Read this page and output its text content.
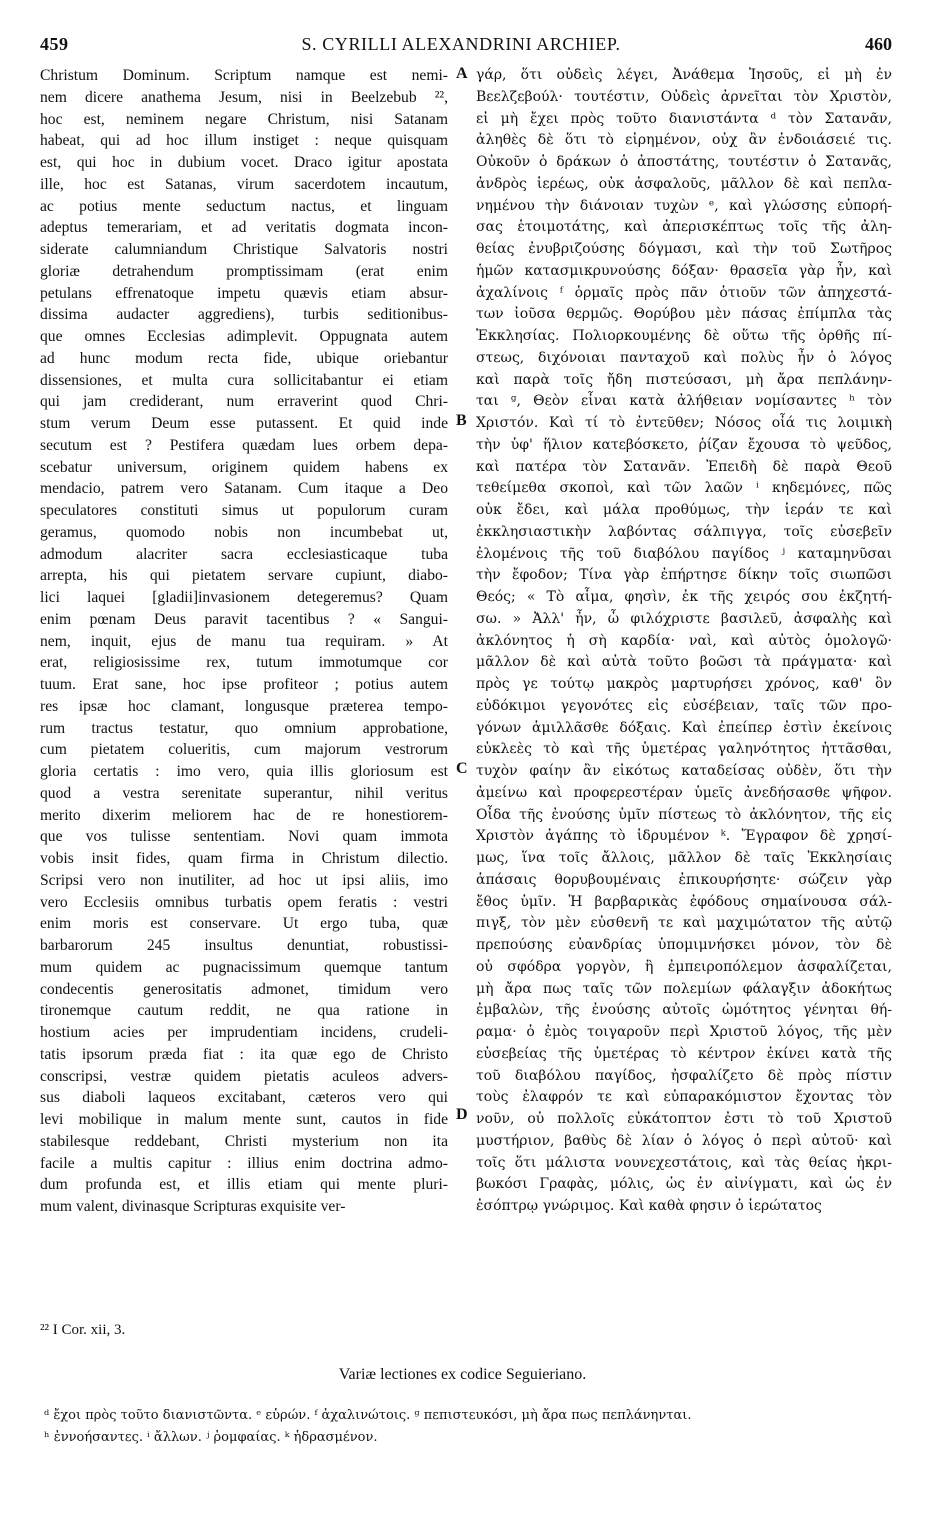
459	S. CYRILLI ALEXANDRINI ARCHIEP.	460
Christum Dominum. Scriptum namque est nemi-
nem dicere anathema Jesum, nisi in Beelzebub ²²,
hoc est, neminem negare Christum, nisi Satanam
habeat, qui ad hoc illum instiget : neque quisquam
est, qui hoc in dubium vocet. Draco igitur apostata
ille, hoc est Satanas, virum sacerdotem incautum,
ac potius mente seductum nactus, et linguam
adeptus temerariam, et ad veritatis dogmata incon-
siderate calumniandum Christique Salvatoris nostri
gloriæ detrahendum promptissimam (erat enim
petulans effrenatoque impetu quævis etiam absur-
dissima audacter aggrediens), turbis seditionibus-
que omnes Ecclesias adimplevit. Oppugnata autem
ad hunc modum recta fide, ubique oriebantur
dissensiones, et multa cura sollicitabantur ei etiam
qui jam crediderant, num erraverint quod Chri-
stum verum Deum esse putassent. Et quid inde
secutum est ? Pestifera quædam lues orbem depa-
scebatur universum, originem quidem habens ex
mendacio, patrem vero Satanam. Cum itaque a Deo
speculatores constituti simus ut populorum curam
geramus, quomodo nobis non incumbebat ut,
admodum alacriter sacra ecclesiasticaque tuba
arrepta, his qui pietatem servare cupiunt, diabo-
lici laquei [gladii]invasionem detegeremus? Quam
enim pœnam Deus paravit tacentibus ? « Sangui-
nem, inquit, ejus de manu tua requiram. » At
erat, religiosissime rex, tutum immotumque cor
tuum. Erat sane, hoc ipse profiteor ; potius autem
res ipsæ hoc clamant, longusque præterea tempo-
rum tractus testatur, quo omnium approbatione,
cum pietatem colueritis, cum majorum vestrorum
gloria certatis : imo vero, quia illis gloriosum est
quod a vestra serenitate superantur, nihil veritus
merito dixerim meliorem hac de re honestiorem-
que vos tulisse sententiam. Novi quam immota
vobis insit fides, quam firma in Christum dilectio.
Scripsi vero non inutiliter, ad hoc ut ipsi aliis, imo
vero Ecclesiis omnibus turbatis opem feratis : vestri
enim moris est conservare. Ut ergo tuba, quæ
barbarorum 245 insultus denuntiat, robustissi-
mum quidem ac pugnacissimum quemque tantum
condecentis generositatis admonet, timidum vero
tironemque cautum reddit, ne qua ratione in
hostium acies per imprudentiam incidens, crudeli-
tatis ipsorum præda fiat : ita quæ ego de Christo
conscripsi, vestræ quidem pietatis aculeos advers-
sus diaboli laqueos excitabant, cæteros vero qui
levi mobilique in malum mente sunt, cautos in fide
stabilesque reddebant, Christi mysterium non ita
facile a multis capitur : illius enim doctrina admo-
dum profunda est, et illis etiam qui mente pluri-
mum valent, divinasque Scripturas exquisite ver-
γάρ, ὅτι οὐδεὶς λέγει, Ἀνάθεμα Ἰησοῦς, εἰ μὴ ἐν
Βεελζεβούλ· τουτέστιν, Οὐδεὶς ἀρνεῖται τὸν Χριστὸν,
εἰ μὴ ἔχει πρὸς τοῦτο διανιστάντα ᵈ τὸν Σατανᾶν,
ἀληθὲς δὲ ὅτι τὸ εἰρημένον, οὐχ ἂν ἐνδοιάσειέ τις.
Οὐκοῦν ὁ δράκων ὁ ἀποστάτης, τουτέστιν ὁ Σατανᾶς,
ἀνδρὸς ἱερέως, οὐκ ἀσφαλοῦς, μᾶλλον δὲ καὶ πεπλα-
νημένου τὴν διάνοιαν τυχὼν ᵉ, καὶ γλώσσης εὐπορή-
σας ἑτοιμοτάτης, καὶ ἀπερισκέπτως τοῖς τῆς ἀλη-
θείας ἐνυβριζούσης δόγμασι, καὶ τὴν τοῦ Σωτῆρος
ἡμῶν κατασμικρυνούσης δόξαν· θρασεῖα γὰρ ἦν, καὶ
ἀχαλίνοις ᶠ ὁρμαῖς πρὸς πᾶν ὁτιοῦν τῶν ἀπηχεστά-
των ἰοῦσα θερμῶς. Θορύβου μὲν πάσας ἐπίμπλα τὰς
Ἐκκλησίας. Πολιορκουμένης δὲ οὕτω τῆς ὀρθῆς πί-
στεως, διχόνοιαι πανταχοῦ καὶ πολὺς ἦν ὁ λόγος
καὶ παρὰ τοῖς ἤδη πιστεύσασι, μὴ ἄρα πεπλάνην-
ται ᵍ, Θεὸν εἶναι κατὰ ἀλήθειαν νομίσαντες ʰ τὸν
Χριστόν. Καὶ τί τὸ ἐντεῦθεν; Νόσος οἶά τις λοιμικὴ
τὴν ὑφ' ἥλιον κατεβόσκετο, ῥίζαν ἔχουσα τὸ ψεῦδος,
καὶ πατέρα τὸν Σατανᾶν. Ἐπειδὴ δὲ παρὰ Θεοῦ
τεθείμεθα σκοποὶ, καὶ τῶν λαῶν ⁱ κηδεμόνες, πῶς
οὐκ ἔδει, καὶ μάλα προθύμως, τὴν ἱεράν τε καὶ
ἐκκλησιαστικὴν λαβόντας σάλπιγγα, τοῖς εὐσεβεῖν
ἐλομένοις τῆς τοῦ διαβόλου παγίδος ʲ καταμηνῦσαι
τὴν ἔφοδον; Τίνα γὰρ ἐπήρτησε δίκην τοῖς σιωπῶσι
Θεός; « Τὸ αἷμα, φησὶν, ἐκ τῆς χειρός σου ἐκζητή-
σω. » Ἀλλ' ἦν, ὦ φιλόχριστε βασιλεῦ, ἀσφαλὴς καὶ
ἀκλόνητος ἡ σὴ καρδία· ναὶ, καὶ αὐτὸς ὁμολογῶ·
μᾶλλον δὲ καὶ αὐτὰ τοῦτο βοῶσι τὰ πράγματα· καὶ
πρὸς γε τούτῳ μακρὸς μαρτυρήσει χρόνος, καθ' ὃν
εὐδόκιμοι γεγονότες εἰς εὐσέβειαν, ταῖς τῶν προ-
γόνων ἁμιλλᾶσθε δόξαις. Καὶ ἐπείπερ ἐστὶν ἐκείνοις
εὐκλεὲς τὸ καὶ τῆς ὑμετέρας γαληνότητος ἡττᾶσθαι,
τυχὸν φαίην ἂν εἰκότως καταδείσας οὐδὲν, ὅτι τὴν
ἀμείνω καὶ προφερεστέραν ὑμεῖς ἀνεδήσασθε ψῆφον.
Οἶδα τῆς ἐνούσης ὑμῖν πίστεως τὸ ἀκλόνητον, τῆς εἰς
Χριστὸν ἀγάπης τὸ ἱδρυμένον ᵏ. Ἔγραφον δὲ χρησί-
μως, ἵνα τοῖς ἄλλοις, μᾶλλον δὲ ταῖς Ἐκκλησίαις
ἁπάσαις θορυβουμέναις ἐπικουρήσητε· σώζειν γὰρ
ἔθος ὑμῖν. Ἡ βαρβαρικὰς ἐφόδους σημαίνουσα σάλ-
πιγξ, τὸν μὲν εὐσθενῆ τε καὶ μαχιμώτατον τῆς αὐτῷ
πρεπούσης εὐανδρίας ὑπομιμνήσκει μόνον, τὸν δὲ
οὐ σφόδρα γοργὸν, ἢ ἐμπειροπόλεμον ἀσφαλίζεται,
μὴ ἄρα πως ταῖς τῶν πολεμίων φάλαγξιν ἀδοκήτως
ἐμβαλὼν, τῆς ἐνούσης αὐτοῖς ὠμότητος γένηται θή-
ραμα· ὁ ἐμὸς τοιγαροῦν περὶ Χριστοῦ λόγος, τῆς μὲν
εὐσεβείας τῆς ὑμετέρας τὸ κέντρον ἐκίνει κατὰ τῆς
τοῦ διαβόλου παγίδος, ἠσφαλίζετο δὲ πρὸς πίστιν
τοὺς ἐλαφρόν τε καὶ εὐπαρακόμιστον ἔχοντας τὸν
νοῦν, οὐ πολλοῖς εὐκάτοπτον ἐστι τὸ τοῦ Χριστοῦ
μυστήριον, βαθὺς δὲ λίαν ὁ λόγος ὁ περὶ αὐτοῦ· καὶ
τοῖς ὅτι μάλιστα νουνεχεστάτοις, καὶ τὰς θείας ἠκρι-
βωκόσι Γραφὰς, μόλις, ὡς ἐν αἰνίγματι, καὶ ὡς ἐν
ἐσόπτρῳ γνώριμος. Καὶ καθὰ φησιν ὁ ἱερώτατος
A
B
C
D
²² I Cor. xii, 3.
Variæ lectiones ex codice Seguieriano.
ᵈ ἔχοι πρὸς τοῦτο διανιστῶντα. ᵉ εὑρών. ᶠ ἀχαλινώτοις. ᵍ πεπιστευκόσι, μὴ ἄρα πως πεπλάνηνται.
ʰ ἐννοήσαντες. ⁱ ἄλλων. ʲ ῥομφαίας. ᵏ ἡδρασμένον.
